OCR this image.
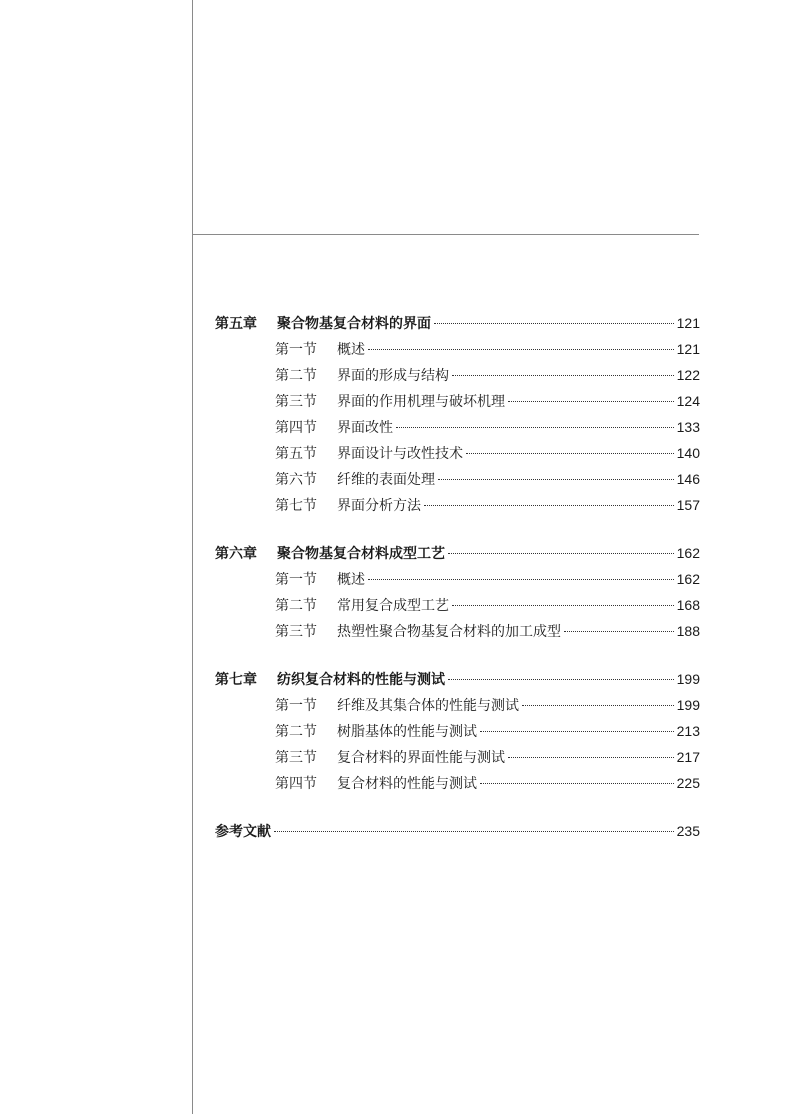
第五章	聚合物基复合材料的界面	121
第一节	概述	121
第二节	界面的形成与结构	122
第三节	界面的作用机理与破坏机理	124
第四节	界面改性	133
第五节	界面设计与改性技术	140
第六节	纤维的表面处理	146
第七节	界面分析方法	157
第六章	聚合物基复合材料成型工艺	162
第一节	概述	162
第二节	常用复合成型工艺	168
第三节	热塑性聚合物基复合材料的加工成型	188
第七章	纺织复合材料的性能与测试	199
第一节	纤维及其集合体的性能与测试	199
第二节	树脂基体的性能与测试	213
第三节	复合材料的界面性能与测试	217
第四节	复合材料的性能与测试	225
参考文献	235
